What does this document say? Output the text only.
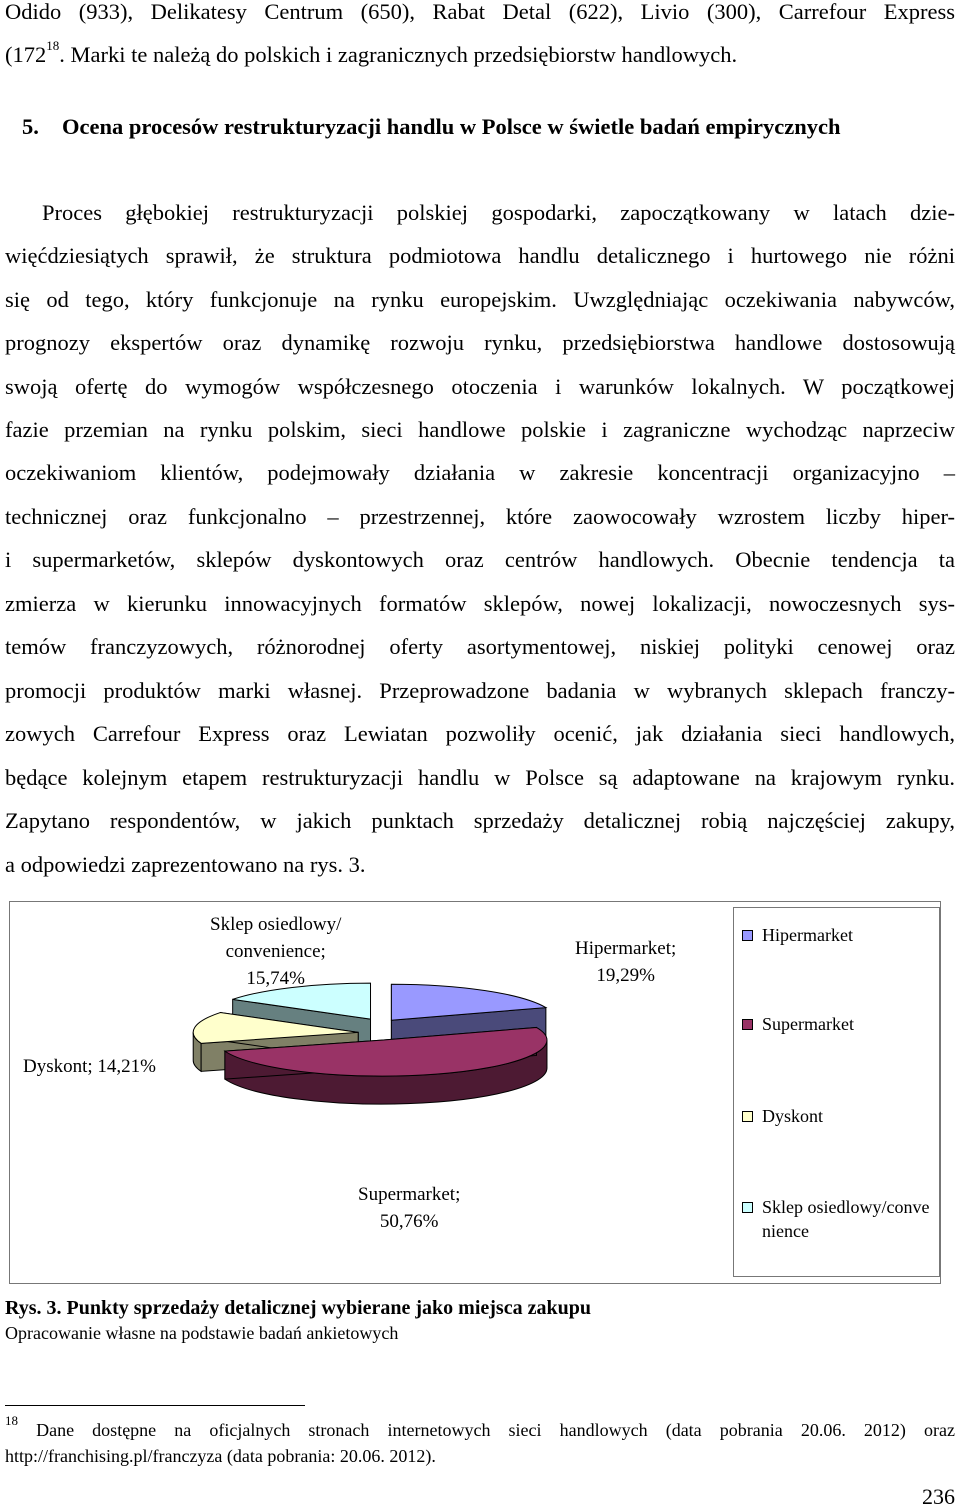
Odido (933), Delikatesy Centrum (650), Rabat Detal (622), Livio (300), Carrefour Express
($172^{18}$. Marki te należą do polskich i zagranicznych przedsiębiorstw handlowych.
5. Ocena procesów restrukturyzacji handlu w Polsce w świetle badań empirycznych
Proces głębokiej restrukturyzacji polskiej gospodarki, zapoczątkowany w latach dzie-
więćdziesiątych sprawił, że struktura podmiotowa handlu detalicznego i hurtowego nie różni
się od tego, który funkcjonuje na rynku europejskim. Uwzględniając oczekiwania nabywców,
prognozy ekspertów oraz dynamikę rozwoju rynku, przedsiębiorstwa handlowe dostosowują
swoją ofertę do wymogów współczesnego otoczenia i warunków lokalnych. W początkowej
fazie przemian na rynku polskim, sieci handlowe polskie i zagraniczne wychodząc naprzeciw
oczekiwaniom klientów, podejmowały działania w zakresie koncentracji organizacyjno –
technicznej oraz funkcjonalno – przestrzennej, które zaowocowały wzrostem liczby hiper-
i supermarketów, sklepów dyskontowych oraz centrów handlowych. Obecnie tendencja ta
zmierza w kierunku innowacyjnych formatów sklepów, nowej lokalizacji, nowoczesnych sys-
temów franczyzowych, różnorodnej oferty asortymentowej, niskiej polityki cenowej oraz
promocji produktów marki własnej. Przeprowadzone badania w wybranych sklepach franczy-
zowych Carrefour Express oraz Lewiatan pozwoliły ocenić, jak działania sieci handlowych,
będące kolejnym etapem restrukturyzacji handlu w Polsce są adaptowane na krajowym rynku.
Zapytano respondentów, w jakich punktach sprzedaży detalicznej robią najczęściej zakupy,
a odpowiedzi zaprezentowano na rys. 3.
Sklep osiedlowy/
convenience;
15,74%
Hipermarket;
19,29%
Dyskont; 14,21%
Supermarket;
50,76%
Hipermarket
Supermarket
Dyskont
Sklep osiedlowy/convenience
Rys. 3. Punkty sprzedaży detalicznej wybierane jako miejsca zakupu
Opracowanie własne na podstawie badań ankietowych
$^{18}$ Dane dostępne na oficjalnych stronach internetowych sieci handlowych (data pobrania 20.06. 2012) oraz
http://franchising.pl/franczyza (data pobrania: 20.06. 2012).
236
